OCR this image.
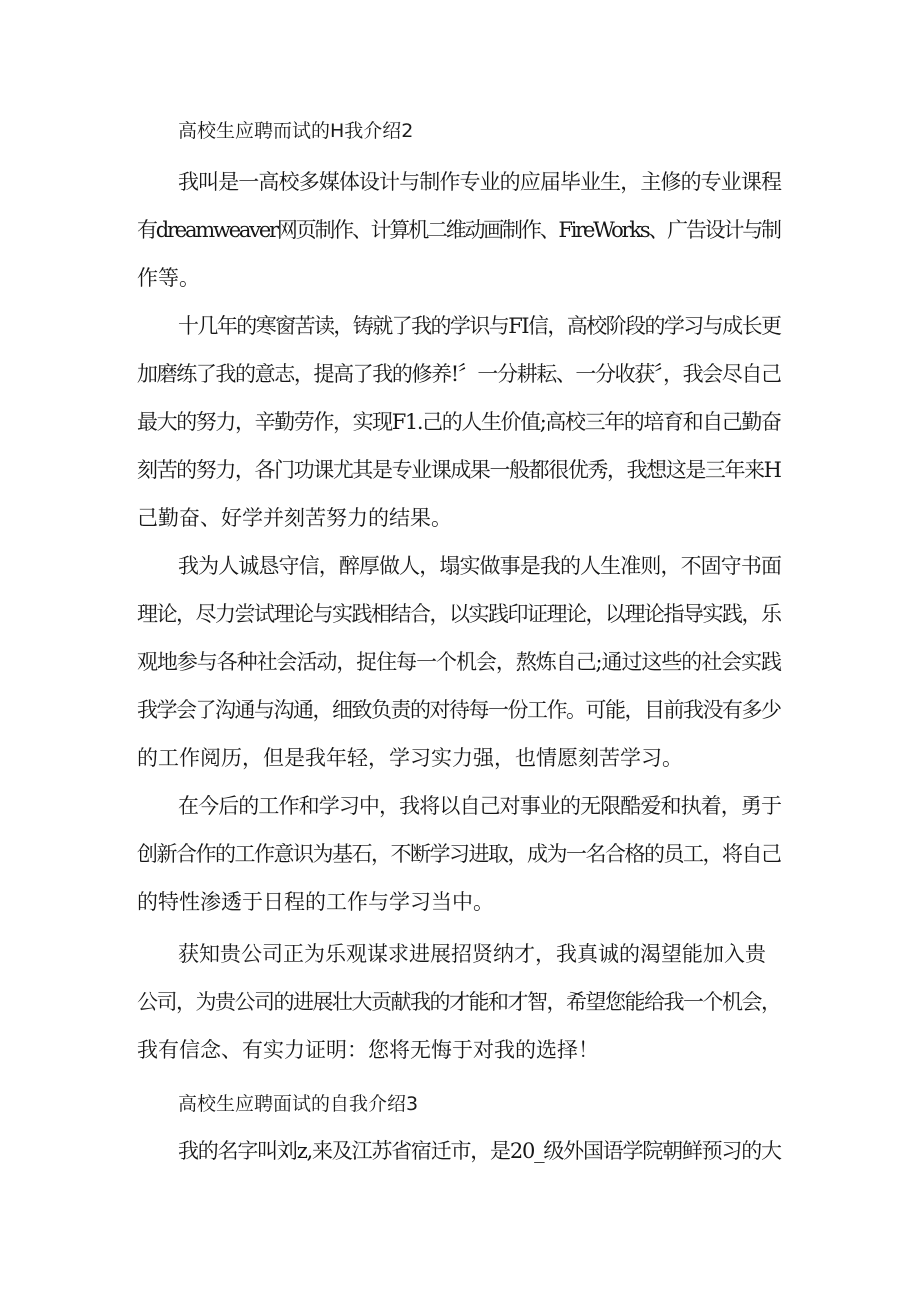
高校生应聘而试的H我介绍2
我叫是一高校多媒体设计与制作专业的应届毕业生，主修的专业课程
有dreamweaver网页制作、计算机二维动画制作、FireWorks、广告设计与制
作等。
十几年的寒窗苦读，铸就了我的学识与FI信，高校阶段的学习与成长更
加磨练了我的意志，提高了我的修养!〞一分耕耘、一分收获〞，我会尽自己
最大的努力，辛勤劳作，实现F1.己的人生价值;高校三年的培育和自己勤奋
刻苦的努力，各门功课尤其是专业课成果一般都很优秀，我想这是三年来H
己勤奋、好学并刻苦努力的结果。
我为人诚恳守信，醉厚做人，塌实做事是我的人生准则，不固守书面
理论，尽力尝试理论与实践相结合，以实践印证理论，以理论指导实践，乐
观地参与各种社会活动，捉住每一个机会，熬炼自己;通过这些的社会实践
我学会了沟通与沟通，细致负责的对待每一份工作。可能，目前我没有多少
的工作阅历，但是我年轻，学习实力强，也情愿刻苦学习。
在今后的工作和学习中，我将以自己对事业的无限酷爱和执着，勇于
创新合作的工作意识为基石，不断学习进取，成为一名合格的员工，将自己
的特性渗透于日程的工作与学习当中。
获知贵公司正为乐观谋求进展招贤纳才，我真诚的渴望能加入贵
公司，为贵公司的进展壮大贡献我的才能和才智，希望您能给我一个机会，
我有信念、有实力证明：您将无悔于对我的选择！
高校生应聘面试的自我介绍3
我的名字叫刘z,来及江苏省宿迁市，是20_级外国语学院朝鲜预习的大
